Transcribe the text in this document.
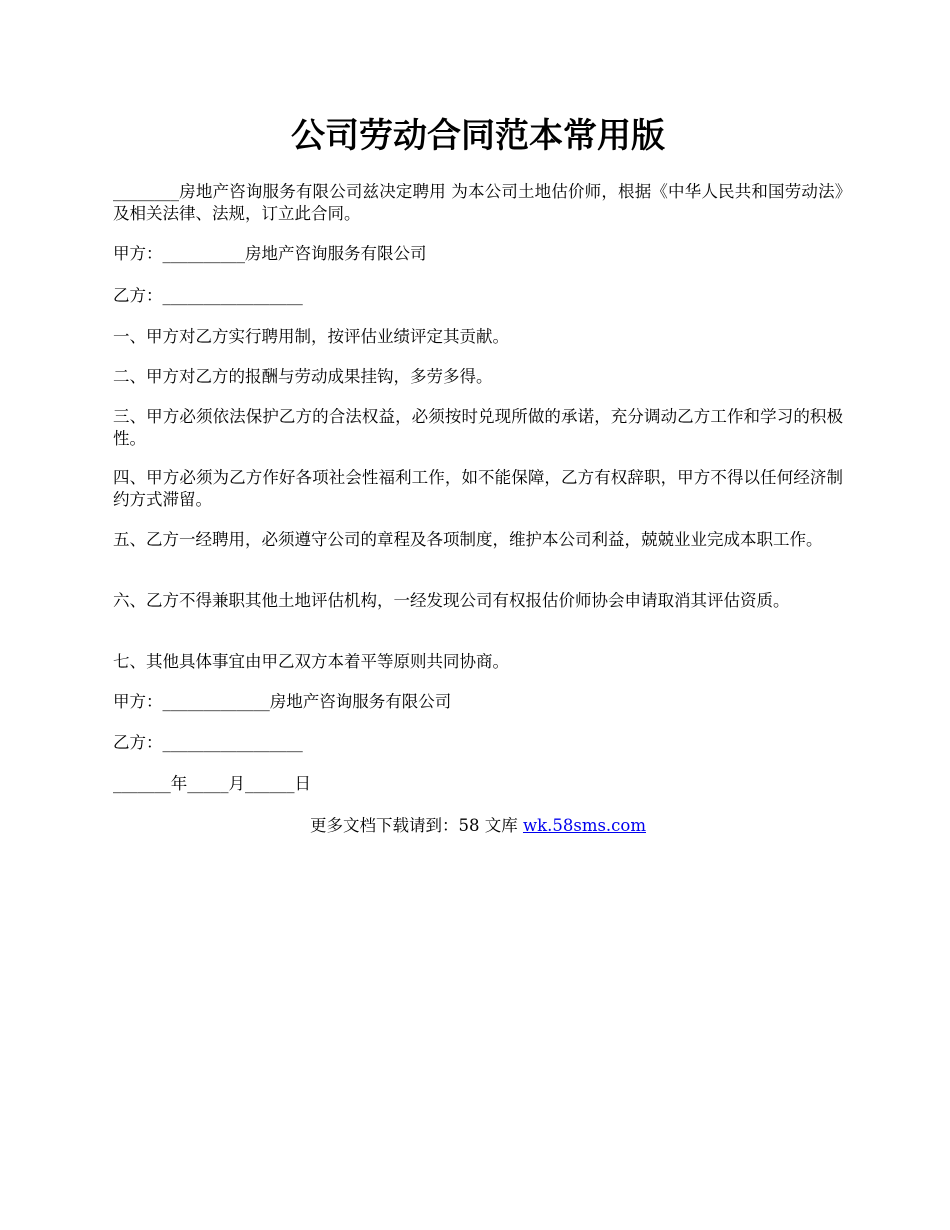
公司劳动合同范本常用版

________房地产咨询服务有限公司兹决定聘用 为本公司土地估价师，根据《中华人民共和国劳动法》及相关法律、法规，订立此合同。

甲方：__________房地产咨询服务有限公司

乙方：_________________

一、甲方对乙方实行聘用制，按评估业绩评定其贡献。

二、甲方对乙方的报酬与劳动成果挂钩，多劳多得。

三、甲方必须依法保护乙方的合法权益，必须按时兑现所做的承诺，充分调动乙方工作和学习的积极性。

四、甲方必须为乙方作好各项社会性福利工作，如不能保障，乙方有权辞职，甲方不得以任何经济制约方式滞留。

五、乙方一经聘用，必须遵守公司的章程及各项制度，维护本公司利益，兢兢业业完成本职工作。

六、乙方不得兼职其他土地评估机构，一经发现公司有权报估价师协会申请取消其评估资质。

七、其他具体事宜由甲乙双方本着平等原则共同协商。

甲方：_____________房地产咨询服务有限公司

乙方：_________________

_______年_____月______日

更多文档下载请到：58 文库 wk.58sms.com
